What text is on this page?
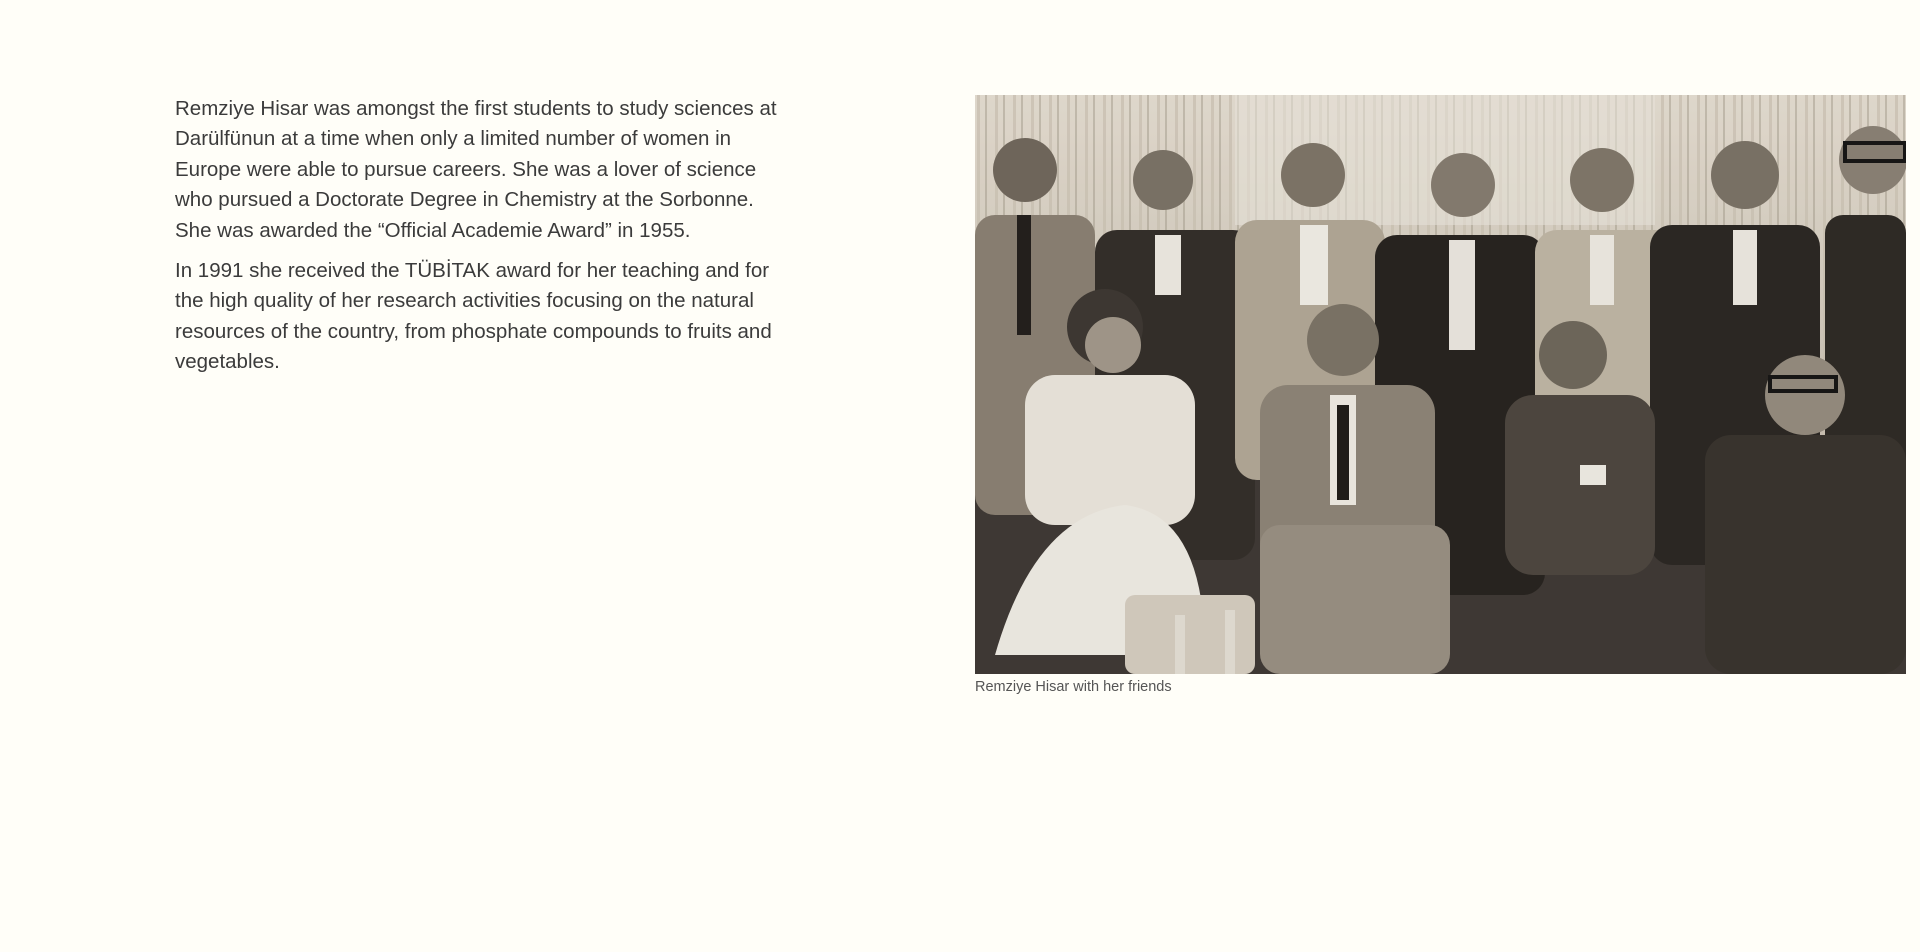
Remziye Hisar was amongst the first students to study sciences at Darülfünun at a time when only a limited number of women in Europe were able to pursue careers. She was a lover of science who pursued a Doctorate Degree in Chemistry at the Sorbonne. She was awarded the “Official Academie Award” in 1955.

In 1991 she received the TÜBİTAK award for her teaching and for the high quality of her research activities focusing on the natural resources of the country, from phosphate compounds to fruits and vegetables.

Remziye Hisar with her friends
